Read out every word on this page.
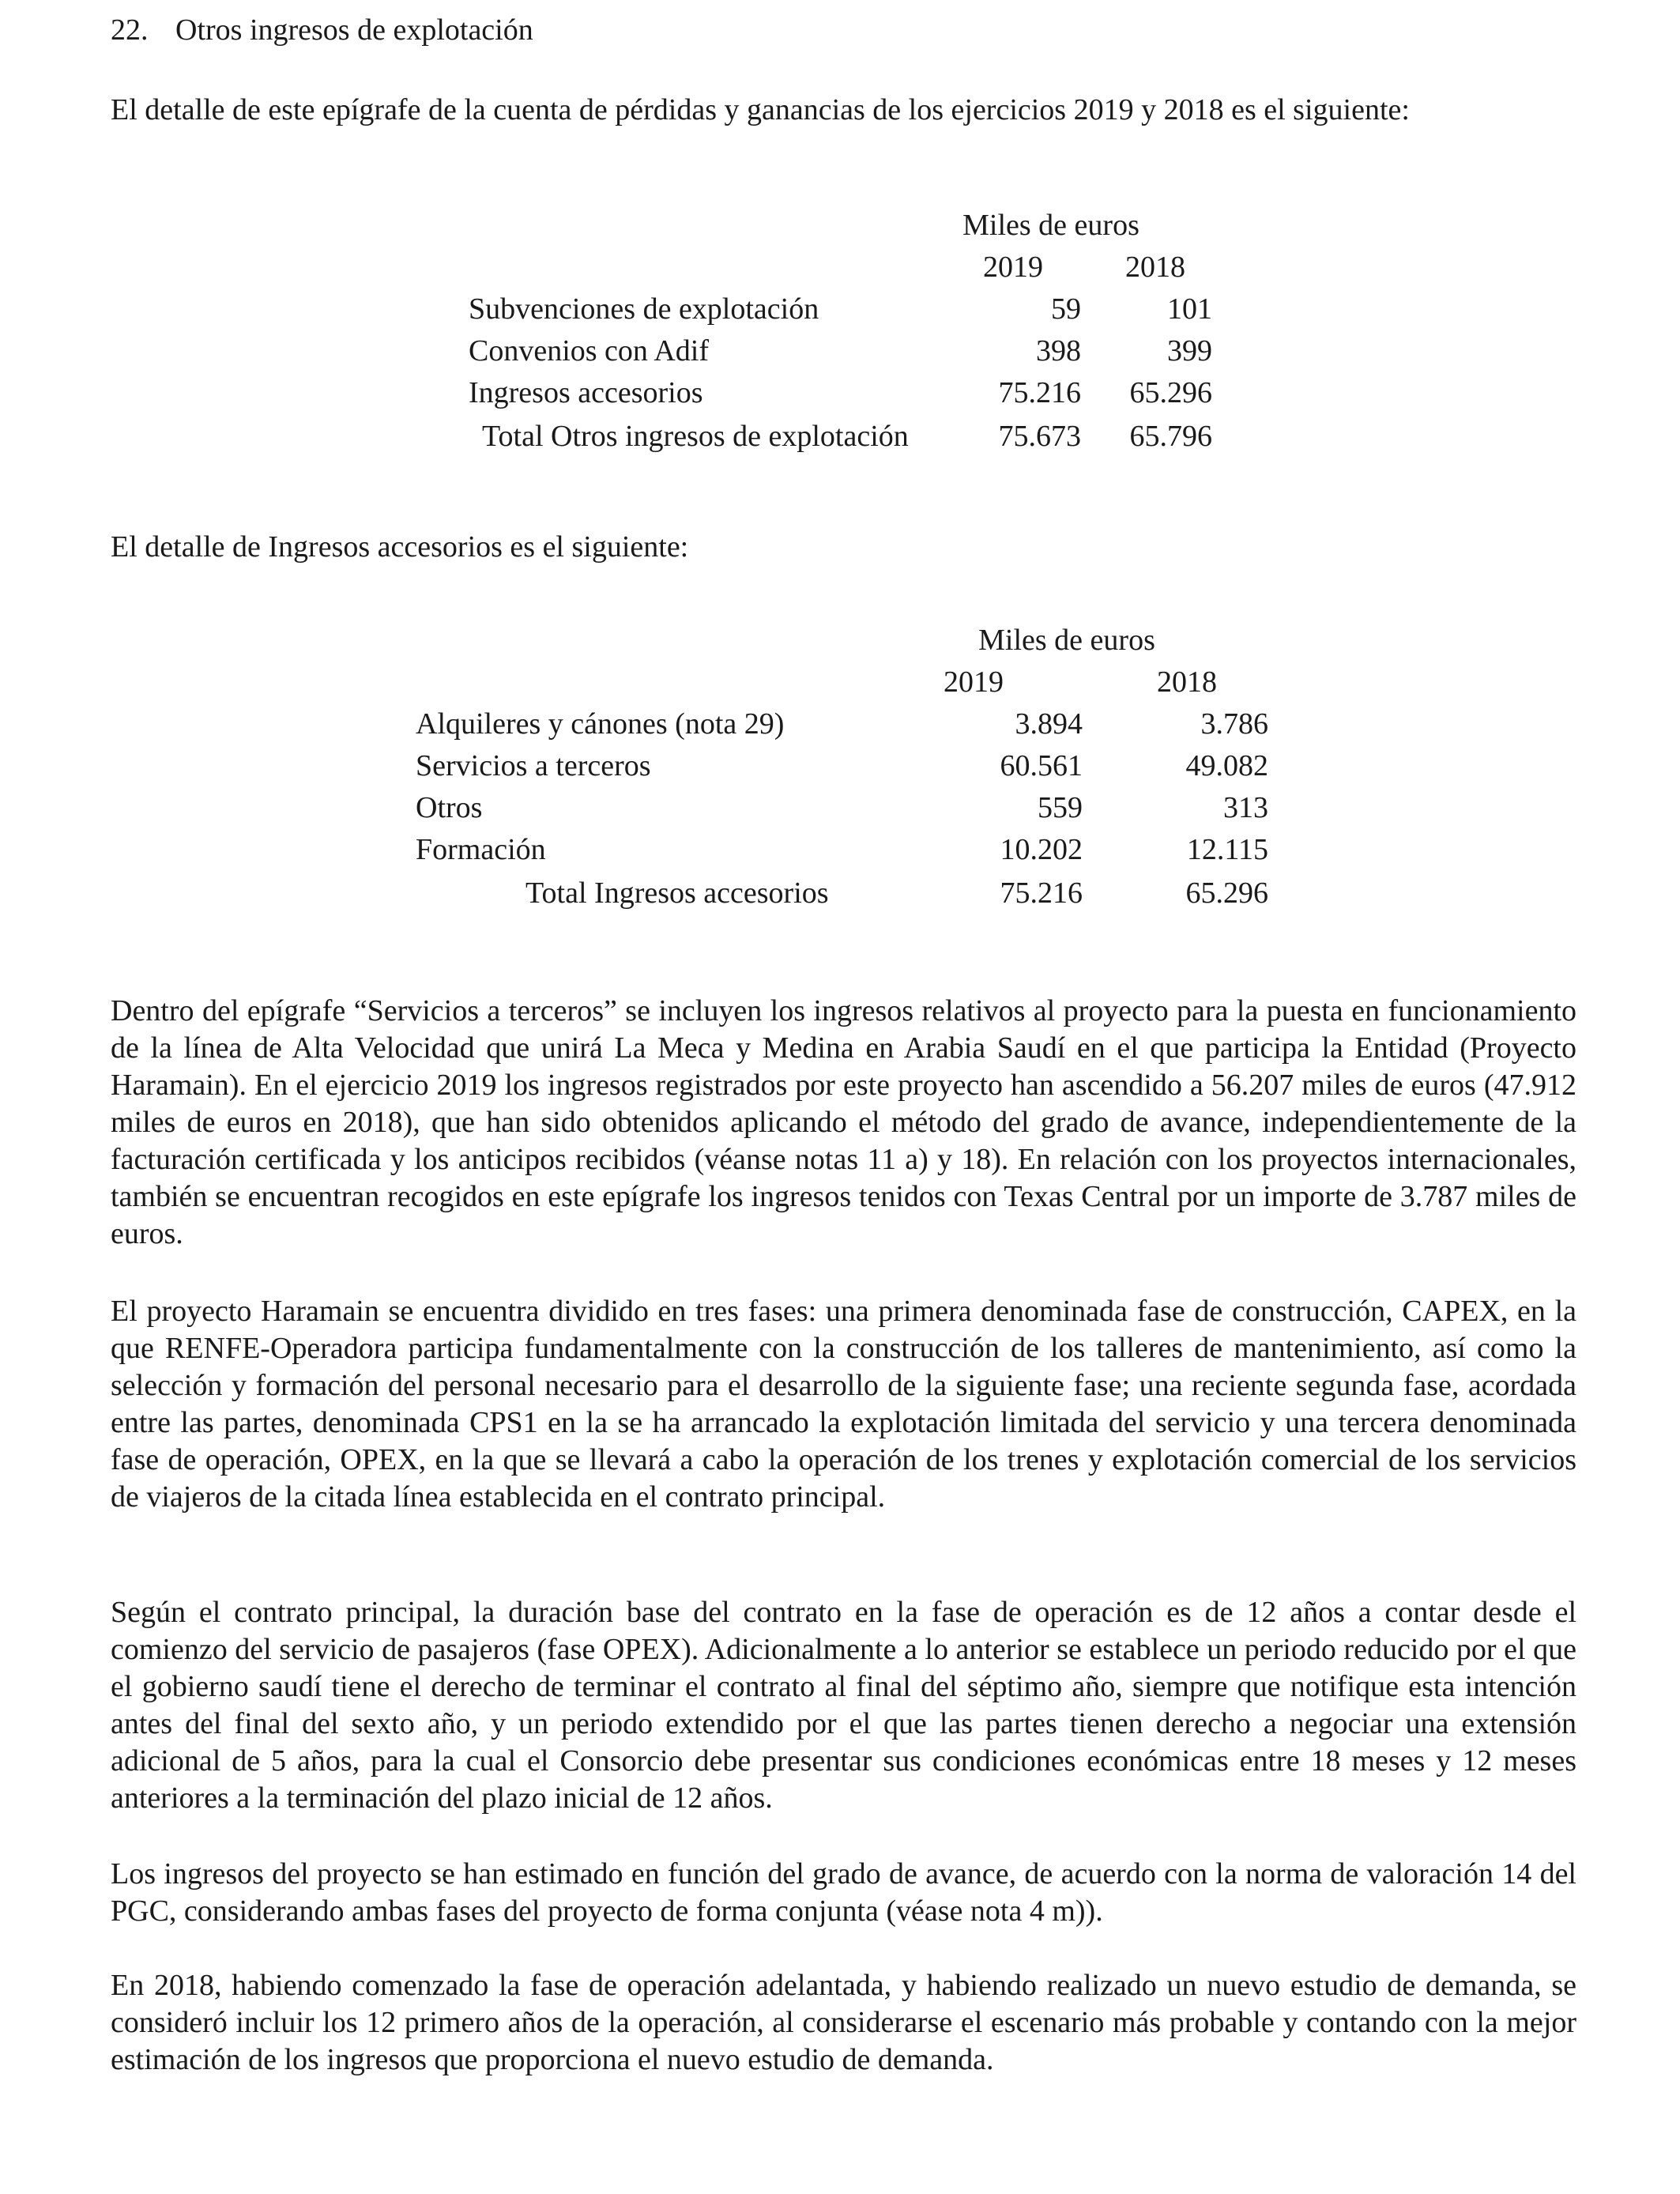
22. Otros ingresos de explotación
El detalle de este epígrafe de la cuenta de pérdidas y ganancias de los ejercicios 2019 y 2018 es el siguiente:
Miles de euros
2019	2018
Subvenciones de explotación	59	101
Convenios con Adif	398	399
Ingresos accesorios	75.216	65.296
Total Otros ingresos de explotación	75.673	65.796
El detalle de Ingresos accesorios es el siguiente:
Miles de euros
2019	2018
Alquileres y cánones (nota 29)	3.894	3.786
Servicios a terceros	60.561	49.082
Otros	559	313
Formación	10.202	12.115
Total Ingresos accesorios	75.216	65.296

Dentro del epígrafe “Servicios a terceros” se incluyen los ingresos relativos al proyecto para la puesta en funcionamiento de la línea de Alta Velocidad que unirá La Meca y Medina en Arabia Saudí en el que participa la Entidad (Proyecto Haramain). En el ejercicio 2019 los ingresos registrados por este proyecto han ascendido a 56.207 miles de euros (47.912 miles de euros en 2018), que han sido obtenidos aplicando el método del grado de avance, independientemente de la facturación certificada y los anticipos recibidos (véanse notas 11 a) y 18). En relación con los proyectos internacionales, también se encuentran recogidos en este epígrafe los ingresos tenidos con Texas Central por un importe de 3.787 miles de euros.

El proyecto Haramain se encuentra dividido en tres fases: una primera denominada fase de construcción, CAPEX, en la que RENFE-Operadora participa fundamentalmente con la construcción de los talleres de mantenimiento, así como la selección y formación del personal necesario para el desarrollo de la siguiente fase; una reciente segunda fase, acordada entre las partes, denominada CPS1 en la se ha arrancado la explotación limitada del servicio y una tercera denominada fase de operación, OPEX, en la que se llevará a cabo la operación de los trenes y explotación comercial de los servicios de viajeros de la citada línea establecida en el contrato principal.

Según el contrato principal, la duración base del contrato en la fase de operación es de 12 años a contar desde el comienzo del servicio de pasajeros (fase OPEX). Adicionalmente a lo anterior se establece un periodo reducido por el que el gobierno saudí tiene el derecho de terminar el contrato al final del séptimo año, siempre que notifique esta intención antes del final del sexto año, y un periodo extendido por el que las partes tienen derecho a negociar una extensión adicional de 5 años, para la cual el Consorcio debe presentar sus condiciones económicas entre 18 meses y 12 meses anteriores a la terminación del plazo inicial de 12 años.

Los ingresos del proyecto se han estimado en función del grado de avance, de acuerdo con la norma de valoración 14 del PGC, considerando ambas fases del proyecto de forma conjunta (véase nota 4 m)).

En 2018, habiendo comenzado la fase de operación adelantada, y habiendo realizado un nuevo estudio de demanda, se consideró incluir los 12 primero años de la operación, al considerarse el escenario más probable y contando con la mejor estimación de los ingresos que proporciona el nuevo estudio de demanda.
